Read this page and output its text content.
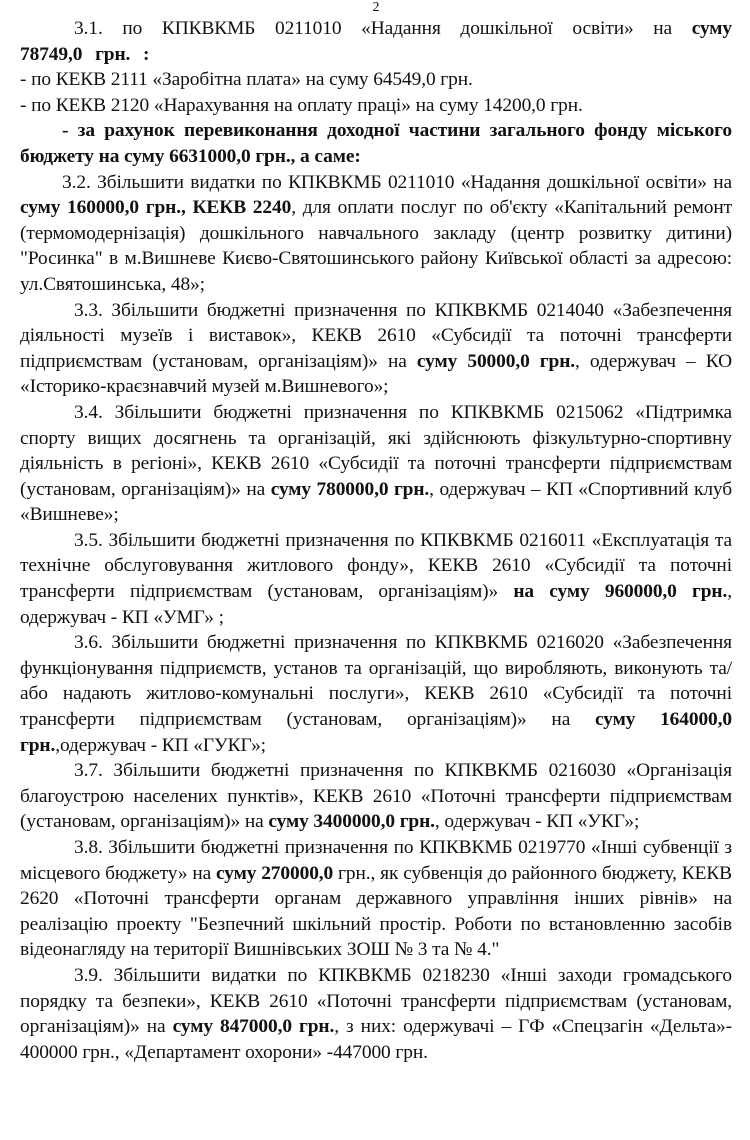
2

3.1. по КПКВКМБ 0211010 «Надання дошкільної освіти» на суму 78749,0 грн. :

- по КЕКВ 2111 «Заробітна плата» на суму 64549,0 грн.

- по КЕКВ 2120 «Нарахування на оплату праці» на суму 14200,0 грн.

- за рахунок перевиконання доходної частини загального фонду міського бюджету на суму 6631000,0 грн., а саме:

3.2. Збільшити видатки по КПКВКМБ 0211010 «Надання дошкільної освіти» на суму 160000,0 грн., КЕКВ 2240, для оплати послуг по об'єкту «Капітальний ремонт (термомодернізація) дошкільного навчального закладу (центр розвитку дитини) "Росинка" в м.Вишневе Києво-Святошинського району Київської області за адресою: ул.Святошинська, 48»;

3.3. Збільшити бюджетні призначення по КПКВКМБ 0214040 «Забезпечення діяльності музеїв і виставок», КЕКВ 2610 «Субсидії та поточні трансферти підприємствам (установам, організаціям)» на суму 50000,0 грн., одержувач – КО «Історико-краєзнавчий музей м.Вишневого»;

3.4. Збільшити бюджетні призначення по КПКВКМБ 0215062 «Підтримка спорту вищих досягнень та організацій, які здійснюють фізкультурно-спортивну діяльність в регіоні», КЕКВ 2610 «Субсидії та поточні трансферти підприємствам (установам, організаціям)» на суму 780000,0 грн., одержувач – КП «Спортивний клуб «Вишневе»;

3.5. Збільшити бюджетні призначення по КПКВКМБ 0216011 «Експлуатація та технічне обслуговування житлового фонду», КЕКВ 2610 «Субсидії та поточні трансферти підприємствам (установам, організаціям)» на суму 960000,0 грн., одержувач - КП «УМГ» ;

3.6. Збільшити бюджетні призначення по КПКВКМБ 0216020 «Забезпечення функціонування підприємств, установ та організацій, що виробляють, виконують та/або надають житлово-комунальні послуги», КЕКВ 2610 «Субсидії та поточні трансферти підприємствам (установам, організаціям)» на суму 164000,0 грн.,одержувач - КП «ГУКГ»;

3.7. Збільшити бюджетні призначення по КПКВКМБ 0216030 «Організація благоустрою населених пунктів», КЕКВ 2610 «Поточні трансферти підприємствам (установам, організаціям)» на суму 3400000,0 грн., одержувач - КП «УКГ»;

3.8. Збільшити бюджетні призначення по КПКВКМБ 0219770 «Інші субвенції з місцевого бюджету» на суму 270000,0 грн., як субвенція до районного бюджету, КЕКВ 2620 «Поточні трансферти органам державного управління інших рівнів» на реалізацію проекту "Безпечний шкільний простір. Роботи по встановленню засобів відеонагляду на території Вишнівських ЗОШ № 3 та № 4."

3.9. Збільшити видатки по КПКВКМБ 0218230 «Інші заходи громадського порядку та безпеки», КЕКВ 2610 «Поточні трансферти підприємствам (установам, організаціям)» на суму 847000,0 грн., з них: одержувачі – ГФ «Спецзагін «Дельта»- 400000 грн., «Департамент охорони» -447000 грн.
